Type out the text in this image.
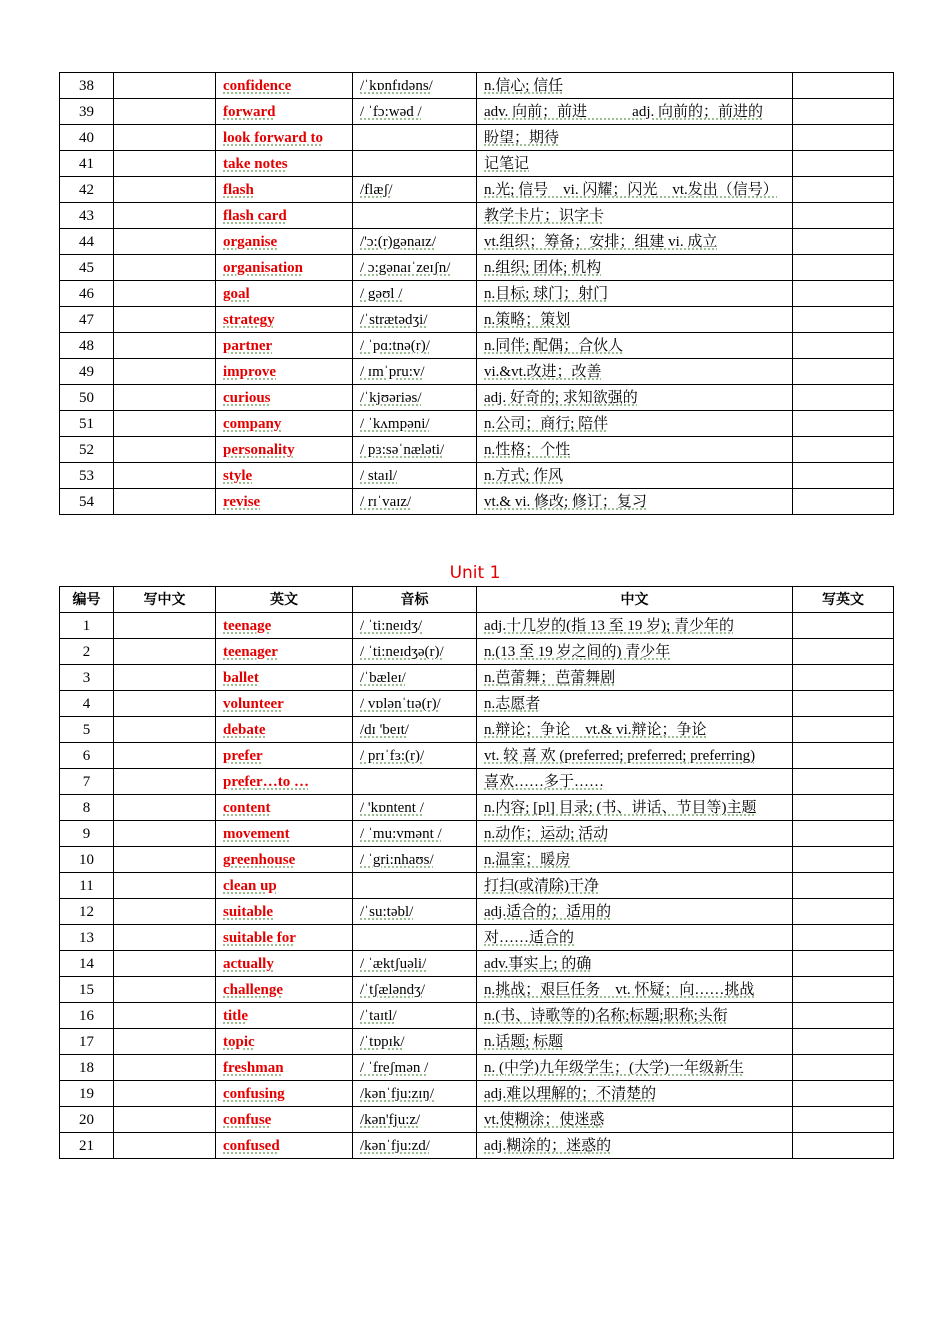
38		confidence	/ˈkɒnfɪdəns/	n.信心; 信任	
39		forward	/ ˈfɔ:wəd /	adv. 向前；前进　　　adj. 向前的；前进的	
40		look forward to		盼望；期待	
41		take notes		记笔记	
42		flash	/flæʃ/	n.光; 信号　vi. 闪耀；闪光　vt.发出（信号）	
43		flash card		教学卡片；识字卡	
44		organise	/'ɔ:(r)gənaɪz/	vt.组织；筹备；安排；组建 vi. 成立	
45		organisation	/ ɔ:gənaɪˈzeɪʃn/	n.组织; 团体; 机构	
46		goal	/ gəʊl /	n.目标; 球门；射门	
47		strategy	/ˈstrætədʒi/	n.策略；策划	
48		partner	/ ˈpɑ:tnə(r)/	n.同伴; 配偶；合伙人	
49		improve	/ ɪmˈpru:v/	vi.&vt.改进；改善	
50		curious	/ˈkjʊəriəs/	adj. 好奇的; 求知欲强的	
51		company	/ ˈkʌmpəni/	n.公司；商行; 陪伴	
52		personality	/ pɜ:səˈnæləti/	n.性格；个性	
53		style	/ staɪl/	n.方式; 作风	
54		revise	/ rɪˈvaɪz/	vt.& vi. 修改; 修订；复习	
Unit 1
编号	写中文	英文	音标	中文	写英文
1		teenage	/ ˈti:neɪdʒ/	adj.十几岁的(指 13 至 19 岁); 青少年的	
2		teenager	/ ˈti:neɪdʒə(r)/	n.(13 至 19 岁之间的) 青少年	
3		ballet	/ˈbæleɪ/	n.芭蕾舞；芭蕾舞剧	
4		volunteer	/ vɒlənˈtɪə(r)/	n.志愿者	
5		debate	/dɪ 'beɪt/	n.辩论；争论　vt.& vi.辩论；争论	
6		prefer	/ prɪˈfɜ:(r)/	vt. 较 喜 欢 (preferred; preferred; preferring)	
7		prefer…to …		喜欢……多于……	
8		content	/ 'kɒntent /	n.内容; [pl] 目录; (书、讲话、节目等)主题	
9		movement	/ ˈmu:vmənt /	n.动作；运动; 活动	
10		greenhouse	/ ˈgri:nhaʊs/	n.温室；暖房	
11		clean up		打扫(或清除)干净	
12		suitable	/ˈsu:təbl/	adj.适合的；适用的	
13		suitable for		对……适合的	
14		actually	/ ˈæktʃuəli/	adv.事实上; 的确	
15		challenge	/ˈtʃæləndʒ/	n.挑战；艰巨任务　vt. 怀疑；向……挑战	
16		title	/ˈtaɪtl/	n.(书、诗歌等的)名称;标题;职称;头衔	
17		topic	/ˈtɒpɪk/	n.话题; 标题	
18		freshman	/ ˈfreʃmən /	n. (中学)九年级学生；(大学)一年级新生	
19		confusing	/kənˈfju:zɪŋ/	adj.难以理解的；不清楚的	
20		confuse	/kən'fju:z/	vt.使糊涂；使迷惑	
21		confused	/kənˈfju:zd/	adj.糊涂的；迷惑的	
